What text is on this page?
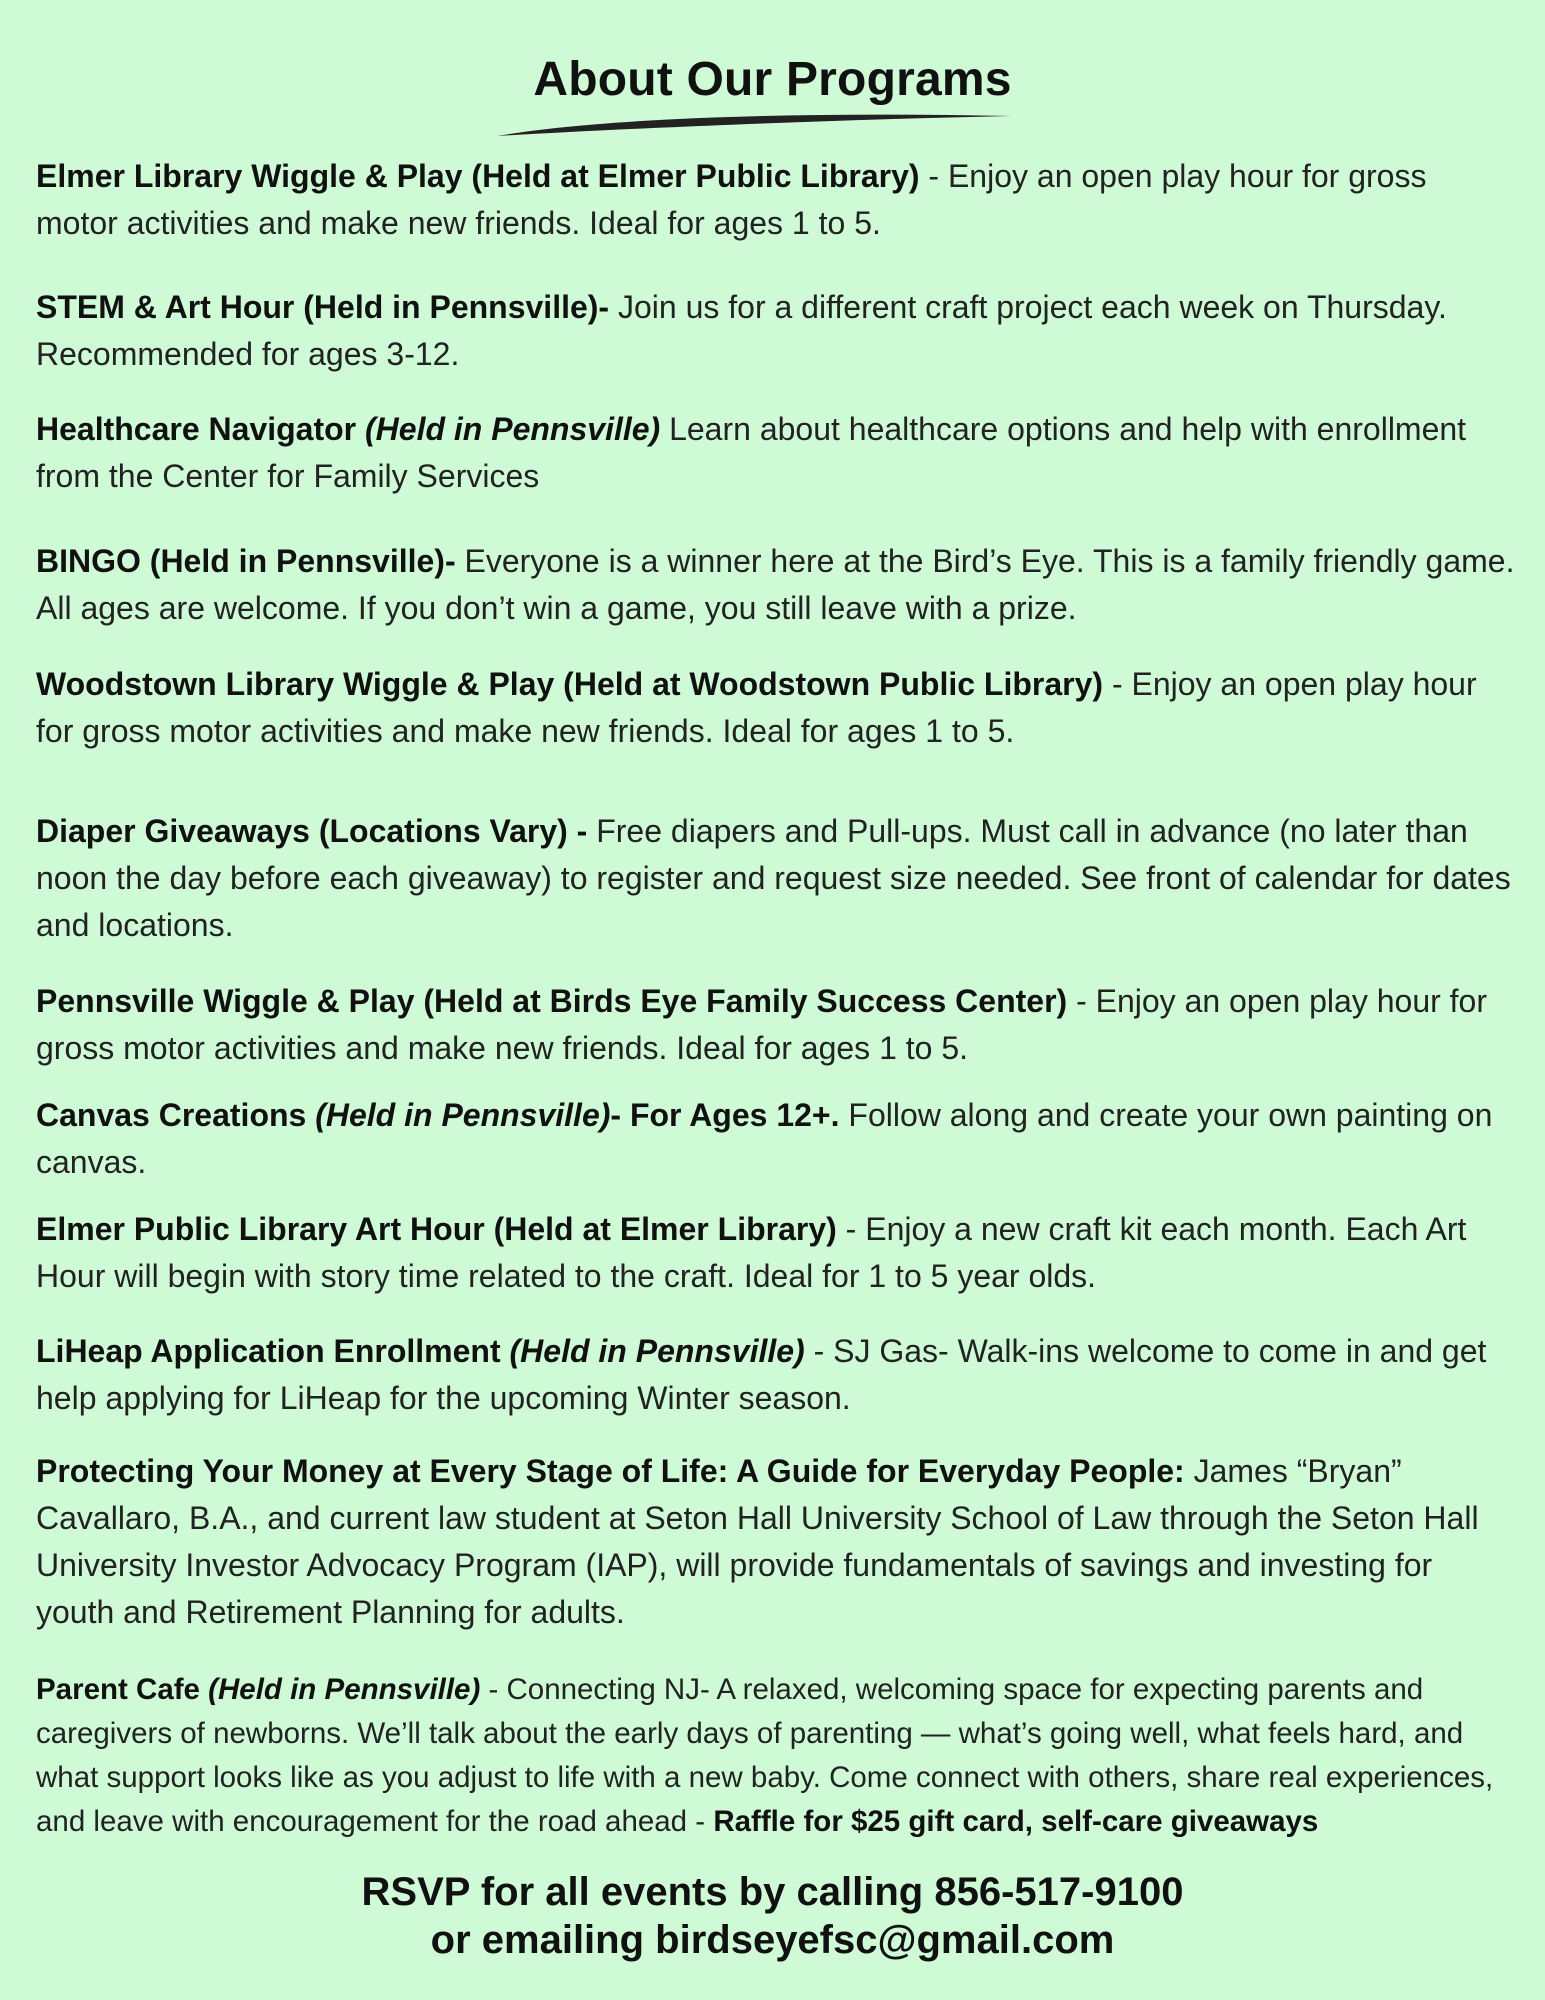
About Our Programs
Elmer Library Wiggle & Play (Held at Elmer Public Library) - Enjoy an open play hour for gross motor activities and make new friends. Ideal for ages 1 to 5.
STEM & Art Hour (Held in Pennsville)- Join us for a different craft project each week on Thursday. Recommended for ages 3-12.
Healthcare Navigator (Held in Pennsville) Learn about healthcare options and help with enrollment from the Center for Family Services
BINGO (Held in Pennsville)- Everyone is a winner here at the Bird’s Eye. This is a family friendly game. All ages are welcome. If you don’t win a game, you still leave with a prize.
Woodstown Library Wiggle & Play (Held at Woodstown Public Library) - Enjoy an open play hour for gross motor activities and make new friends. Ideal for ages 1 to 5.
Diaper Giveaways (Locations Vary) - Free diapers and Pull-ups. Must call in advance (no later than noon the day before each giveaway) to register and request size needed. See front of calendar for dates and locations.
Pennsville Wiggle & Play (Held at Birds Eye Family Success Center) - Enjoy an open play hour for gross motor activities and make new friends. Ideal for ages 1 to 5.
Canvas Creations (Held in Pennsville)- For Ages 12+. Follow along and create your own painting on canvas.
Elmer Public Library Art Hour (Held at Elmer Library) - Enjoy a new craft kit each month. Each Art Hour will begin with story time related to the craft. Ideal for 1 to 5 year olds.
LiHeap Application Enrollment (Held in Pennsville) - SJ Gas- Walk-ins welcome to come in and get help applying for LiHeap for the upcoming Winter season.
Protecting Your Money at Every Stage of Life: A Guide for Everyday People: James “Bryan” Cavallaro, B.A., and current law student at Seton Hall University School of Law through the Seton Hall University Investor Advocacy Program (IAP), will provide fundamentals of savings and investing for youth and Retirement Planning for adults.
Parent Cafe (Held in Pennsville) - Connecting NJ- A relaxed, welcoming space for expecting parents and caregivers of newborns. We’ll talk about the early days of parenting — what’s going well, what feels hard, and what support looks like as you adjust to life with a new baby. Come connect with others, share real experiences, and leave with encouragement for the road ahead - Raffle for $25 gift card, self-care giveaways
RSVP for all events by calling 856-517-9100
or emailing birdseyefsc@gmail.com
